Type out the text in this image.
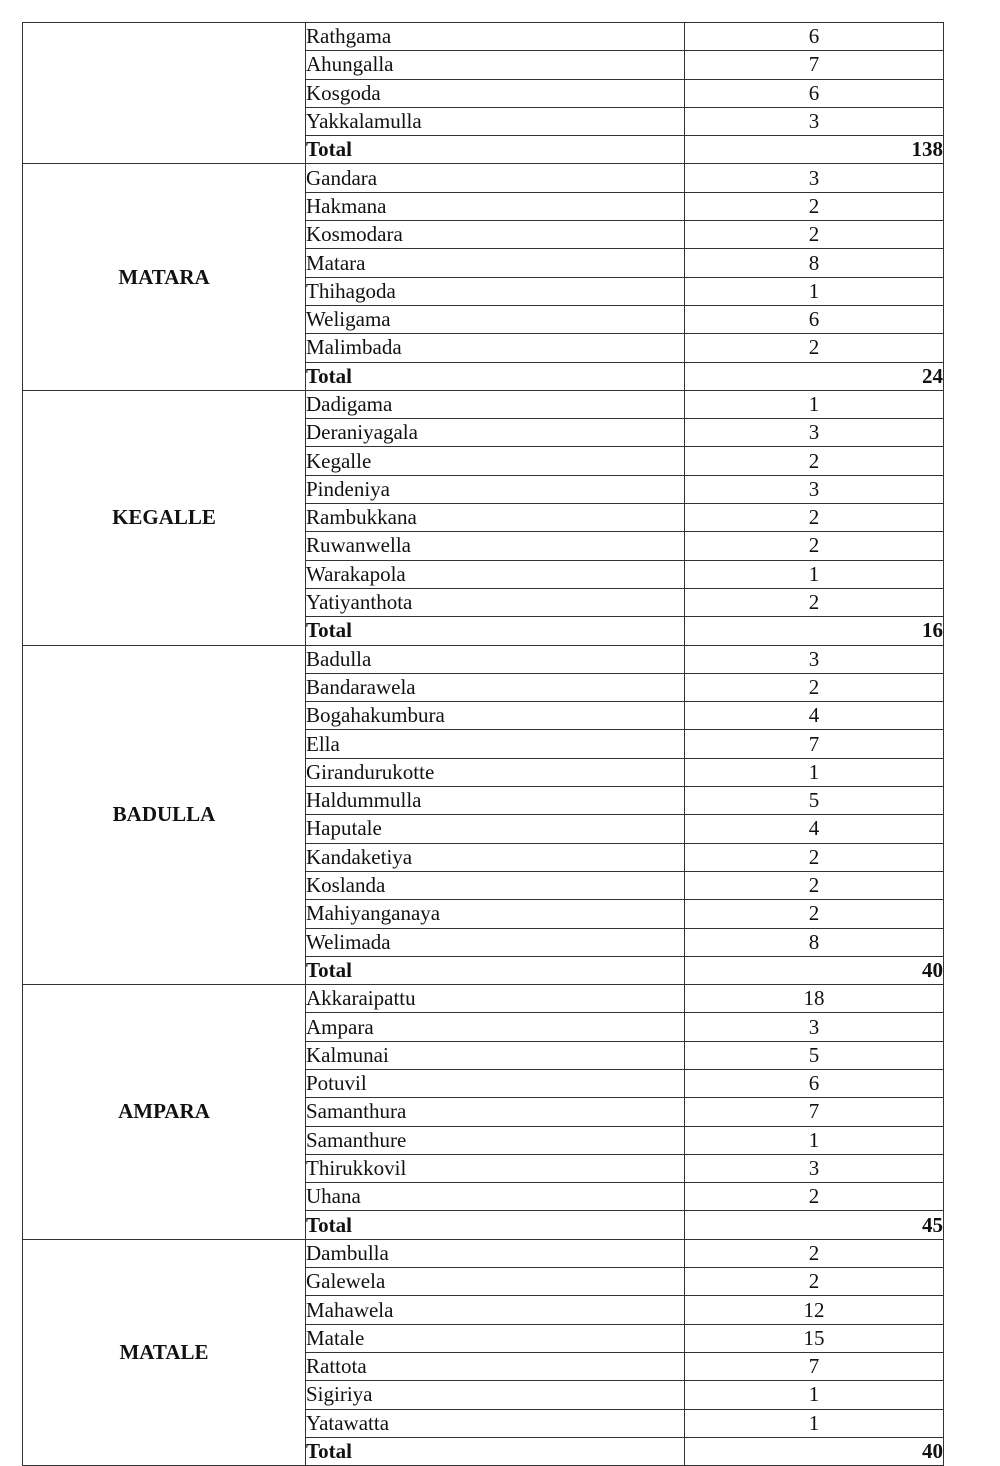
	Rathgama	6
	Ahungalla	7
	Kosgoda	6
	Yakkalamulla	3
	Total	138
MATARA	Gandara	3
	Hakmana	2
	Kosmodara	2
	Matara	8
	Thihagoda	1
	Weligama	6
	Malimbada	2
	Total	24
KEGALLE	Dadigama	1
	Deraniyagala	3
	Kegalle	2
	Pindeniya	3
	Rambukkana	2
	Ruwanwella	2
	Warakapola	1
	Yatiyanthota	2
	Total	16
BADULLA	Badulla	3
	Bandarawela	2
	Bogahakumbura	4
	Ella	7
	Girandurukotte	1
	Haldummulla	5
	Haputale	4
	Kandaketiya	2
	Koslanda	2
	Mahiyanganaya	2
	Welimada	8
	Total	40
AMPARA	Akkaraipattu	18
	Ampara	3
	Kalmunai	5
	Potuvil	6
	Samanthura	7
	Samanthure	1
	Thirukkovil	3
	Uhana	2
	Total	45
MATALE	Dambulla	2
	Galewela	2
	Mahawela	12
	Matale	15
	Rattota	7
	Sigiriya	1
	Yatawatta	1
	Total	40
